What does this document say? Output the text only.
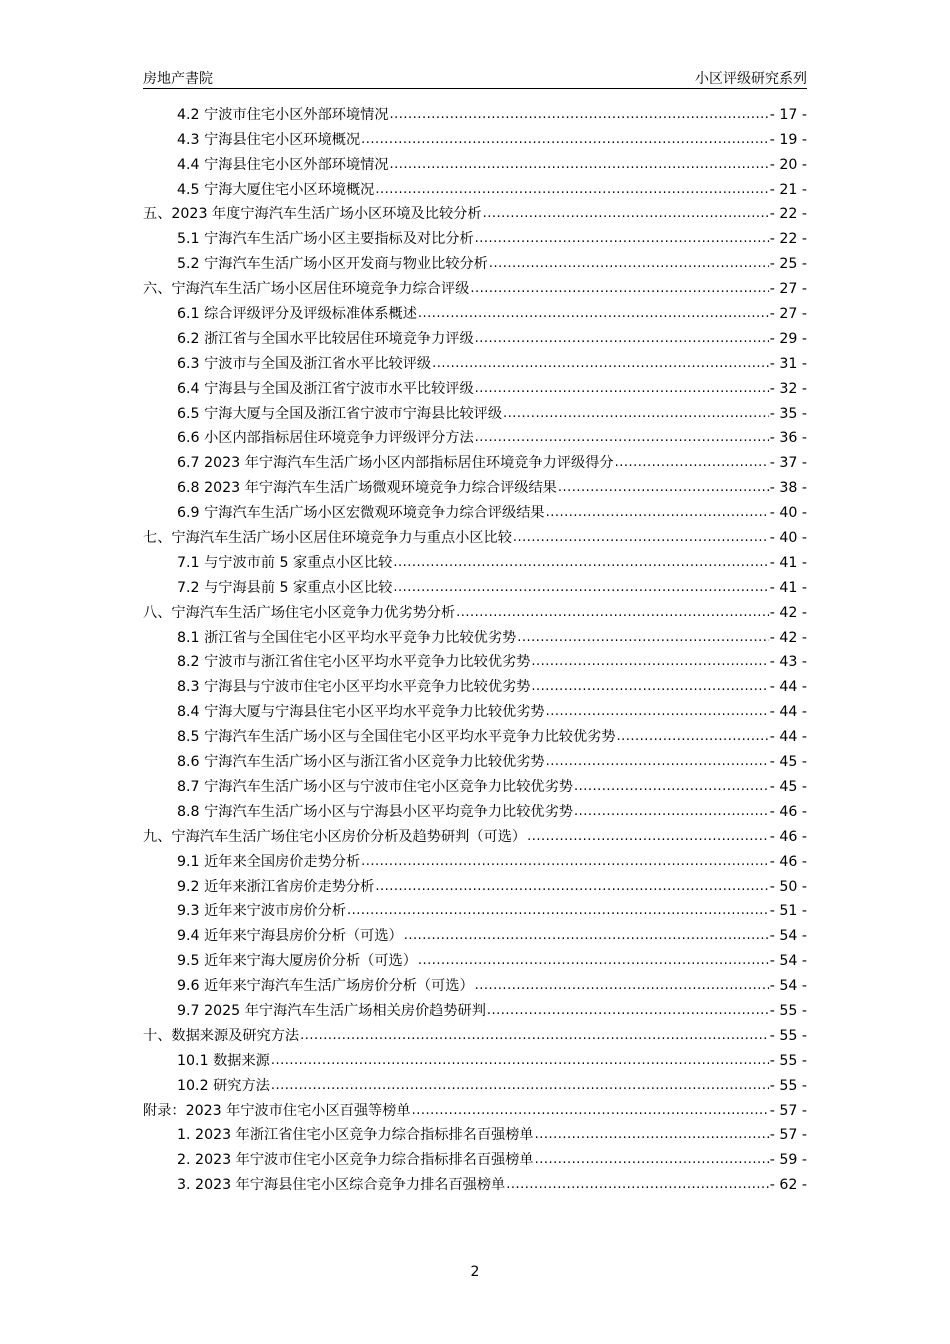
房地产書院	小区评级研究系列
4.2 宁波市住宅小区外部环境情况 .....	- 17 -
4.3 宁海县住宅小区环境概况 .....	- 19 -
4.4 宁海县住宅小区外部环境情况 .....	- 20 -
4.5 宁海大厦住宅小区环境概况 .....	- 21 -
五、2023 年度宁海汽车生活广场小区环境及比较分析 .....	- 22 -
5.1 宁海汽车生活广场小区主要指标及对比分析 .....	- 22 -
5.2 宁海汽车生活广场小区开发商与物业比较分析 .....	- 25 -
六、宁海汽车生活广场小区居住环境竞争力综合评级 .....	- 27 -
6.1 综合评级评分及评级标准体系概述 .....	- 27 -
6.2 浙江省与全国水平比较居住环境竞争力评级 .....	- 29 -
6.3 宁波市与全国及浙江省水平比较评级 .....	- 31 -
6.4 宁海县与全国及浙江省宁波市水平比较评级 .....	- 32 -
6.5 宁海大厦与全国及浙江省宁波市宁海县比较评级 .....	- 35 -
6.6 小区内部指标居住环境竞争力评级评分方法 .....	- 36 -
6.7 2023 年宁海汽车生活广场小区内部指标居住环境竞争力评级得分 .....	- 37 -
6.8 2023 年宁海汽车生活广场微观环境竞争力综合评级结果 .....	- 38 -
6.9 宁海汽车生活广场小区宏微观环境竞争力综合评级结果 .....	- 40 -
七、宁海汽车生活广场小区居住环境竞争力与重点小区比较 .....	- 40 -
7.1 与宁波市前 5 家重点小区比较 .....	- 41 -
7.2 与宁海县前 5 家重点小区比较 .....	- 41 -
八、宁海汽车生活广场住宅小区竞争力优劣势分析 .....	- 42 -
8.1 浙江省与全国住宅小区平均水平竞争力比较优劣势 .....	- 42 -
8.2 宁波市与浙江省住宅小区平均水平竞争力比较优劣势 .....	- 43 -
8.3 宁海县与宁波市住宅小区平均水平竞争力比较优劣势 .....	- 44 -
8.4 宁海大厦与宁海县住宅小区平均水平竞争力比较优劣势 .....	- 44 -
8.5 宁海汽车生活广场小区与全国住宅小区平均水平竞争力比较优劣势 .....	- 44 -
8.6 宁海汽车生活广场小区与浙江省小区竞争力比较优劣势 .....	- 45 -
8.7 宁海汽车生活广场小区与宁波市住宅小区竞争力比较优劣势 .....	- 45 -
8.8 宁海汽车生活广场小区与宁海县小区平均竞争力比较优劣势 .....	- 46 -
九、宁海汽车生活广场住宅小区房价分析及趋势研判（可选） .....	- 46 -
9.1 近年来全国房价走势分析 .....	- 46 -
9.2 近年来浙江省房价走势分析 .....	- 50 -
9.3 近年来宁波市房价分析 .....	- 51 -
9.4 近年来宁海县房价分析（可选） .....	- 54 -
9.5 近年来宁海大厦房价分析（可选） .....	- 54 -
9.6 近年来宁海汽车生活广场房价分析（可选） .....	- 54 -
9.7 2025 年宁海汽车生活广场相关房价趋势研判 .....	- 55 -
十、数据来源及研究方法 .....	- 55 -
10.1 数据来源 .....	- 55 -
10.2 研究方法 .....	- 55 -
附录：2023 年宁波市住宅小区百强等榜单 .....	- 57 -
1. 2023 年浙江省住宅小区竞争力综合指标排名百强榜单 .....	- 57 -
2. 2023 年宁波市住宅小区竞争力综合指标排名百强榜单 .....	- 59 -
3. 2023 年宁海县住宅小区综合竞争力排名百强榜单 .....	- 62 -
2
